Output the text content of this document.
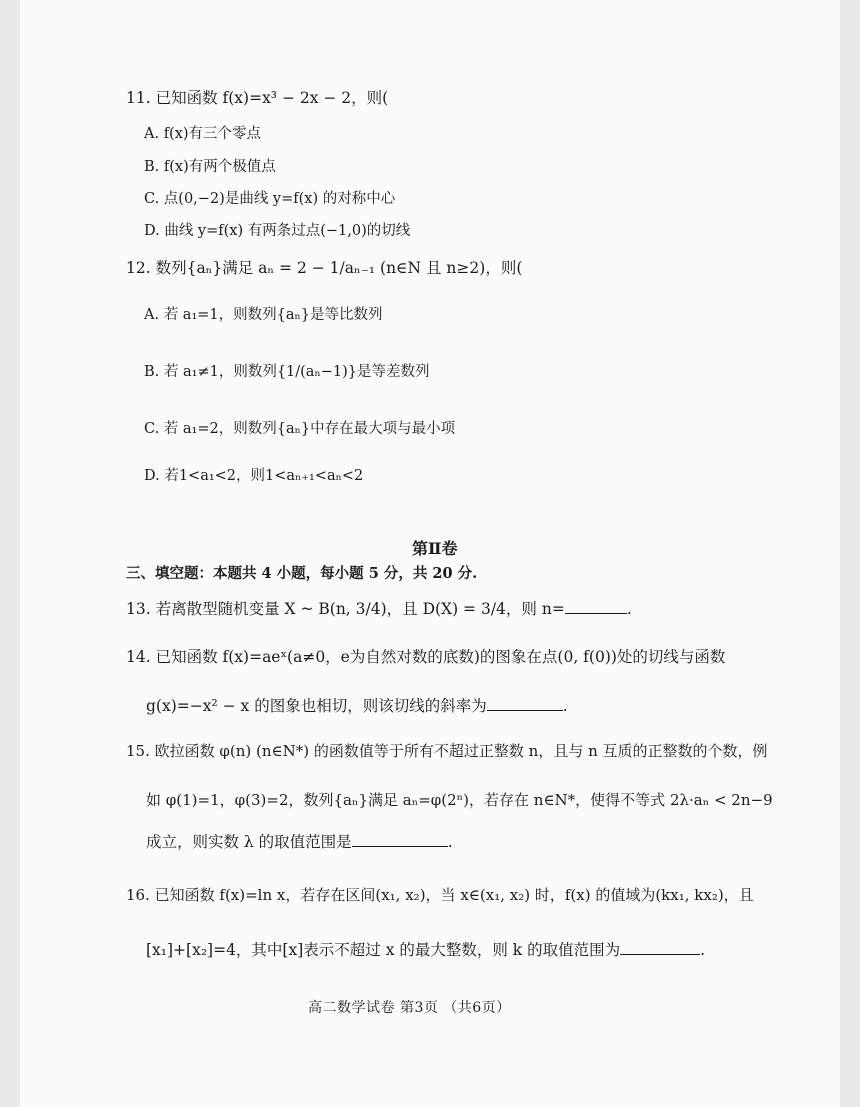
11. 已知函数 f(x)=x³ − 2x − 2，则(
A. f(x)有三个零点
B. f(x)有两个极值点
C. 点(0,−2)是曲线 y=f(x) 的对称中心
D. 曲线 y=f(x) 有两条过点(−1,0)的切线
12. 数列{aₙ}满足 aₙ = 2 − 1/aₙ₋₁ (n∈N 且 n≥2)，则(
A. 若 a₁=1，则数列{aₙ}是等比数列
B. 若 a₁≠1，则数列{1/(aₙ−1)}是等差数列
C. 若 a₁=2，则数列{aₙ}中存在最大项与最小项
D. 若1<a₁<2，则1<aₙ₊₁<aₙ<2
第Ⅱ卷
三、填空题：本题共 4 小题，每小题 5 分，共 20 分.
13. 若离散型随机变量 X ~ B(n, 3/4)，且 D(X) = 3/4，则 n=	.
14. 已知函数 f(x)=aeˣ(a≠0，e为自然对数的底数)的图象在点(0, f(0))处的切线与函数
g(x)=−x² − x 的图象也相切，则该切线的斜率为	.
15. 欧拉函数 φ(n) (n∈N*) 的函数值等于所有不超过正整数 n，且与 n 互质的正整数的个数，例
如 φ(1)=1，φ(3)=2，数列{aₙ}满足 aₙ=φ(2ⁿ)，若存在 n∈N*，使得不等式 2λ·aₙ < 2n−9
成立，则实数 λ 的取值范围是	.
16. 已知函数 f(x)=ln x，若存在区间(x₁, x₂)，当 x∈(x₁, x₂) 时，f(x) 的值域为(kx₁, kx₂)，且
[x₁]+[x₂]=4，其中[x]表示不超过 x 的最大整数，则 k 的取值范围为	.
高二数学试卷 第3页 （共6页）
